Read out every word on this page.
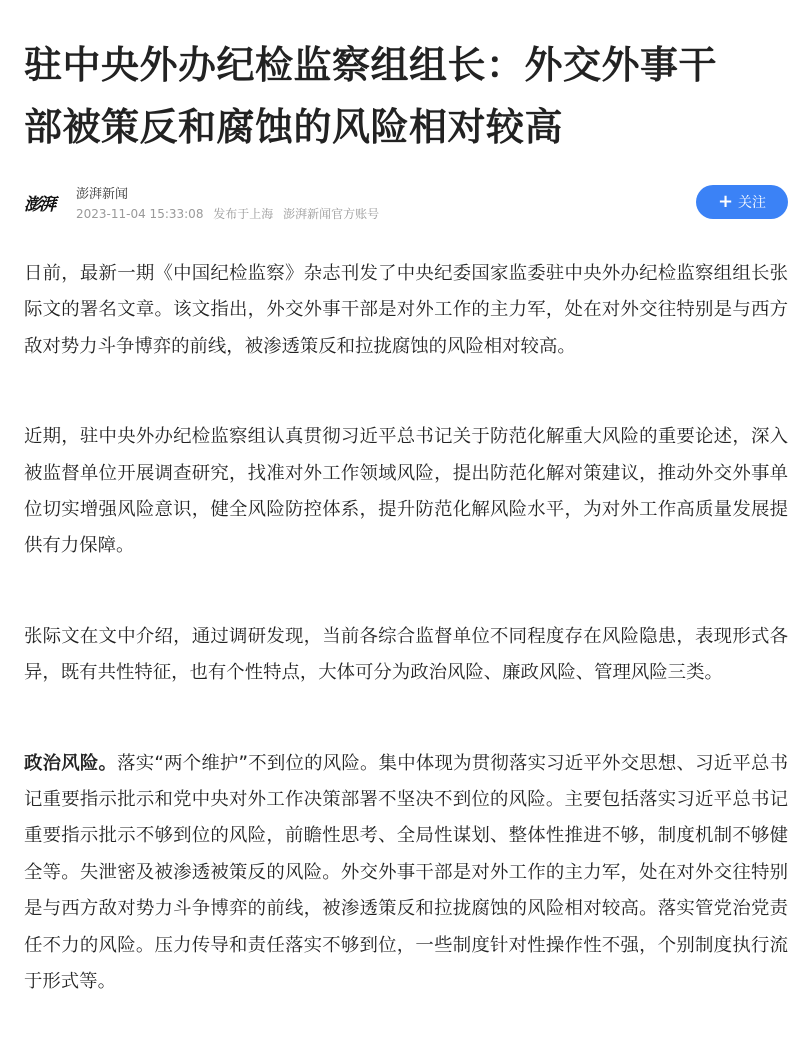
驻中央外办纪检监察组组长：外交外事干
部被策反和腐蚀的风险相对较高
澎湃
澎湃新闻
2023-11-04 15:33:08 发布于上海 澎湃新闻官方账号
+ 关注

日前，最新一期《中国纪检监察》杂志刊发了中央纪委国家监委驻中央外办纪检监察组组长张际文的署名文章。该文指出，外交外事干部是对外工作的主力军，处在对外交往特别是与西方敌对势力斗争博弈的前线，被渗透策反和拉拢腐蚀的风险相对较高。

近期，驻中央外办纪检监察组认真贯彻习近平总书记关于防范化解重大风险的重要论述，深入被监督单位开展调查研究，找准对外工作领域风险，提出防范化解对策建议，推动外交外事单位切实增强风险意识，健全风险防控体系，提升防范化解风险水平，为对外工作高质量发展提供有力保障。

张际文在文中介绍，通过调研发现，当前各综合监督单位不同程度存在风险隐患，表现形式各异，既有共性特征，也有个性特点，大体可分为政治风险、廉政风险、管理风险三类。

政治风险。落实“两个维护”不到位的风险。集中体现为贯彻落实习近平外交思想、习近平总书记重要指示批示和党中央对外工作决策部署不坚决不到位的风险。主要包括落实习近平总书记重要指示批示不够到位的风险，前瞻性思考、全局性谋划、整体性推进不够，制度机制不够健全等。失泄密及被渗透被策反的风险。外交外事干部是对外工作的主力军，处在对外交往特别是与西方敌对势力斗争博弈的前线，被渗透策反和拉拢腐蚀的风险相对较高。落实管党治党责任不力的风险。压力传导和责任落实不够到位，一些制度针对性操作性不强，个别制度执行流于形式等。
